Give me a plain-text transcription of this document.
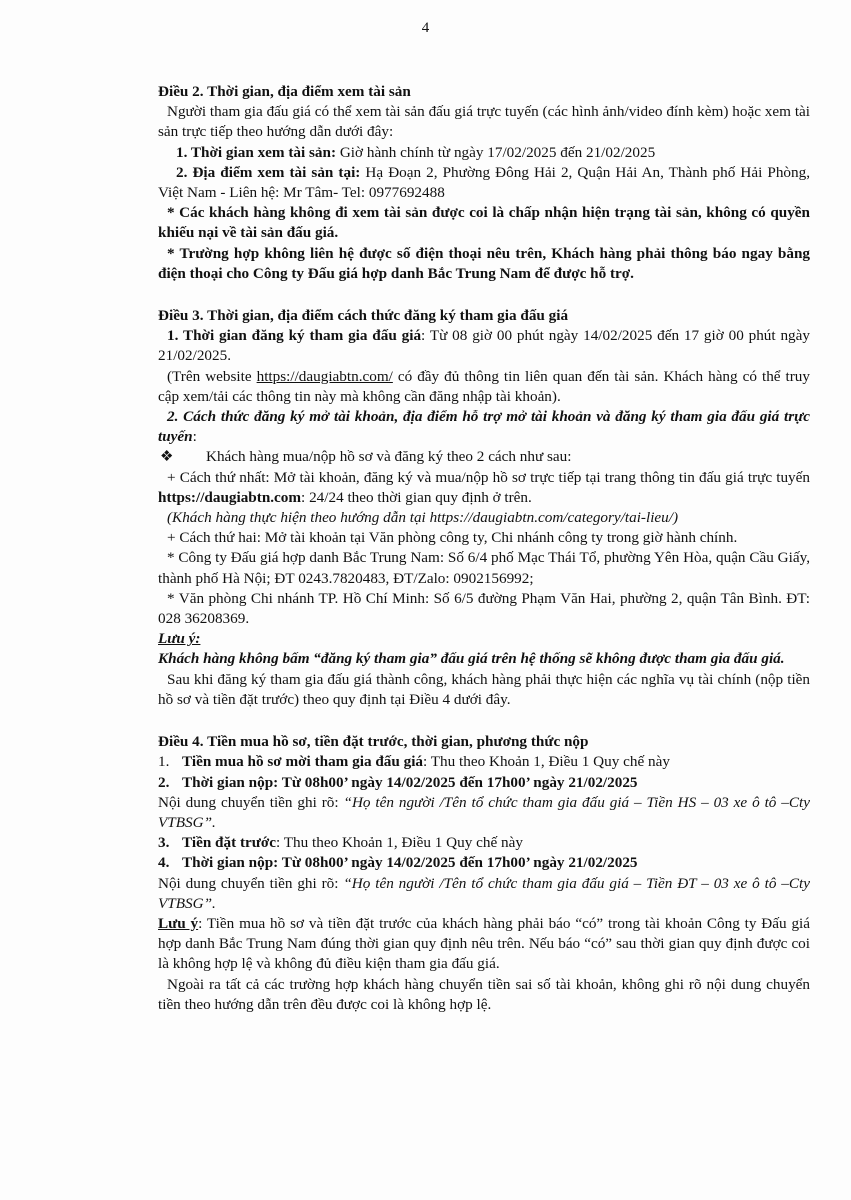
4

Điều 2. Thời gian, địa điểm xem tài sản

Người tham gia đấu giá có thể xem tài sản đấu giá trực tuyến (các hình ảnh/video đính kèm) hoặc xem tài sản trực tiếp theo hướng dẫn dưới đây:

1. Thời gian xem tài sản: Giờ hành chính từ ngày 17/02/2025 đến 21/02/2025

2. Địa điểm xem tài sản tại: Hạ Đoạn 2, Phường Đông Hải 2, Quận Hải An, Thành phố Hải Phòng, Việt Nam - Liên hệ: Mr Tâm- Tel: 0977692488

* Các khách hàng không đi xem tài sản được coi là chấp nhận hiện trạng tài sản, không có quyền khiếu nại về tài sản đấu giá.

* Trường hợp không liên hệ được số điện thoại nêu trên, Khách hàng phải thông báo ngay bằng điện thoại cho Công ty Đấu giá hợp danh Bắc Trung Nam để được hỗ trợ.

Điều 3. Thời gian, địa điểm cách thức đăng ký tham gia đấu giá

1. Thời gian đăng ký tham gia đấu giá: Từ 08 giờ 00 phút ngày 14/02/2025 đến 17 giờ 00 phút ngày 21/02/2025.

(Trên website https://daugiabtn.com/ có đầy đủ thông tin liên quan đến tài sản. Khách hàng có thể truy cập xem/tải các thông tin này mà không cần đăng nhập tài khoản).

2. Cách thức đăng ký mở tài khoản, địa điểm hỗ trợ mở tài khoản và đăng ký tham gia đấu giá trực tuyến:

❖ Khách hàng mua/nộp hồ sơ và đăng ký theo 2 cách như sau:

+ Cách thứ nhất: Mở tài khoản, đăng ký và mua/nộp hồ sơ trực tiếp tại trang thông tin đấu giá trực tuyến https://daugiabtn.com: 24/24 theo thời gian quy định ở trên.

(Khách hàng thực hiện theo hướng dẫn tại https://daugiabtn.com/category/tai-lieu/)

+ Cách thứ hai: Mở tài khoản tại Văn phòng công ty, Chi nhánh công ty trong giờ hành chính.

* Công ty Đấu giá hợp danh Bắc Trung Nam: Số 6/4 phố Mạc Thái Tổ, phường Yên Hòa, quận Cầu Giấy, thành phố Hà Nội; ĐT 0243.7820483, ĐT/Zalo: 0902156992;

* Văn phòng Chi nhánh TP. Hồ Chí Minh: Số 6/5 đường Phạm Văn Hai, phường 2, quận Tân Bình. ĐT: 028 36208369.

Lưu ý:

Khách hàng không bấm “đăng ký tham gia” đấu giá trên hệ thống sẽ không được tham gia đấu giá.

Sau khi đăng ký tham gia đấu giá thành công, khách hàng phải thực hiện các nghĩa vụ tài chính (nộp tiền hồ sơ và tiền đặt trước) theo quy định tại Điều 4 dưới đây.

Điều 4. Tiền mua hồ sơ, tiền đặt trước, thời gian, phương thức nộp

1. Tiền mua hồ sơ mời tham gia đấu giá: Thu theo Khoản 1, Điều 1 Quy chế này

2. Thời gian nộp: Từ 08h00’ ngày 14/02/2025 đến 17h00’ ngày 21/02/2025

Nội dung chuyển tiền ghi rõ: “Họ tên người /Tên tổ chức tham gia đấu giá – Tiền HS – 03 xe ô tô –Cty VTBSG”.

3. Tiền đặt trước: Thu theo Khoản 1, Điều 1 Quy chế này

4. Thời gian nộp: Từ 08h00’ ngày 14/02/2025 đến 17h00’ ngày 21/02/2025

Nội dung chuyển tiền ghi rõ: “Họ tên người /Tên tổ chức tham gia đấu giá – Tiền ĐT – 03 xe ô tô –Cty VTBSG”.

Lưu ý: Tiền mua hồ sơ và tiền đặt trước của khách hàng phải báo “có” trong tài khoản Công ty Đấu giá hợp danh Bắc Trung Nam đúng thời gian quy định nêu trên. Nếu báo “có” sau thời gian quy định được coi là không hợp lệ và không đủ điều kiện tham gia đấu giá.

Ngoài ra tất cả các trường hợp khách hàng chuyển tiền sai số tài khoản, không ghi rõ nội dung chuyển tiền theo hướng dẫn trên đều được coi là không hợp lệ.
